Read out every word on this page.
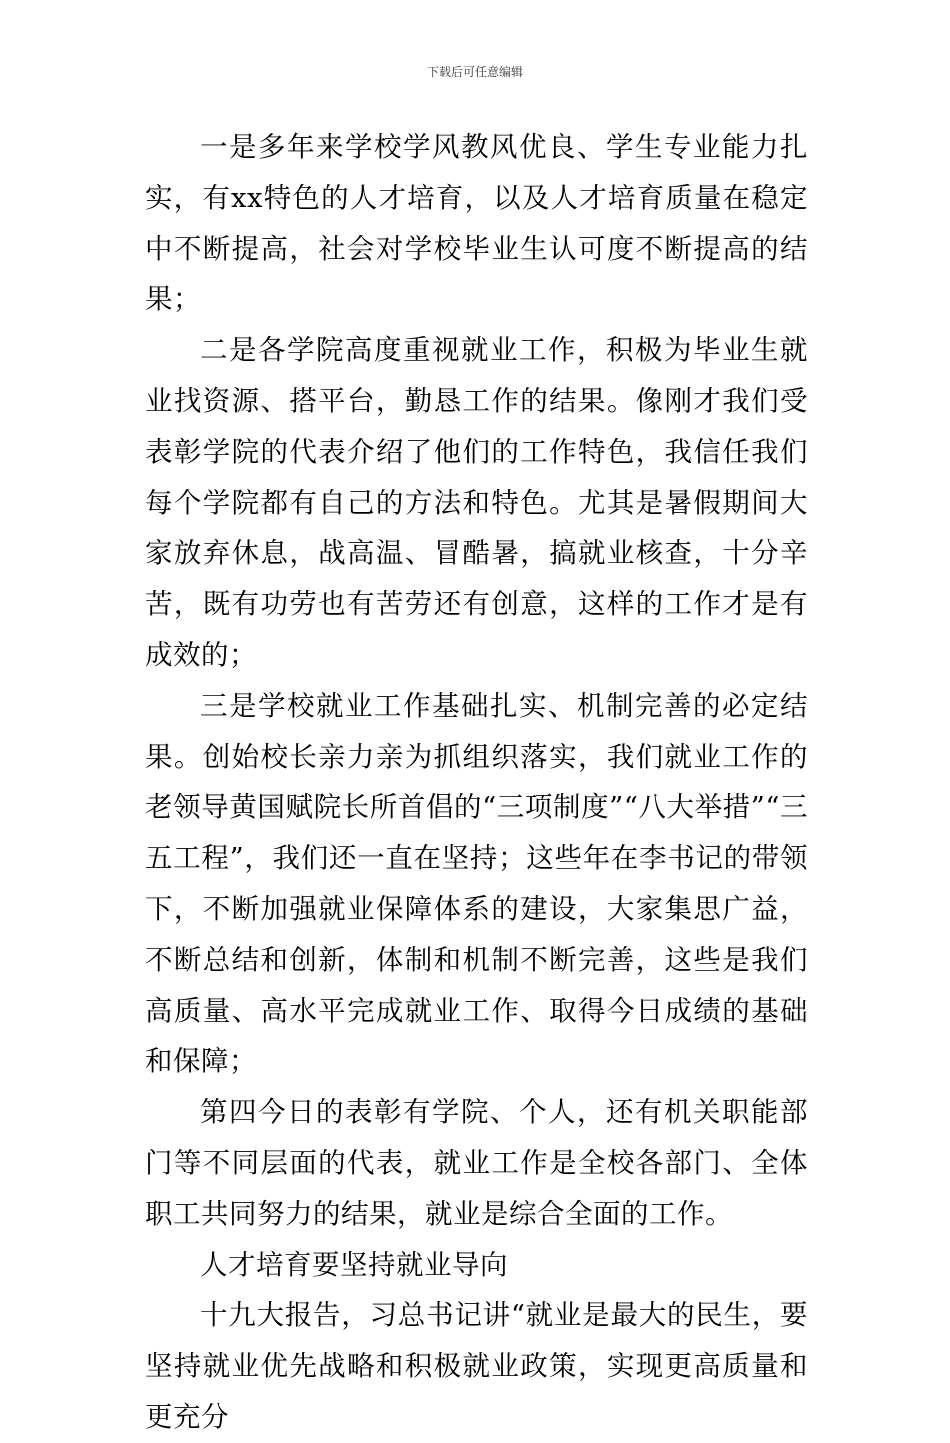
下载后可任意编辑

一是多年来学校学风教风优良、学生专业能力扎实，有xx特色的人才培育，以及人才培育质量在稳定中不断提高，社会对学校毕业生认可度不断提高的结果；

二是各学院高度重视就业工作，积极为毕业生就业找资源、搭平台，勤恳工作的结果。像刚才我们受表彰学院的代表介绍了他们的工作特色，我信任我们每个学院都有自己的方法和特色。尤其是暑假期间大家放弃休息，战高温、冒酷暑，搞就业核查，十分辛苦，既有功劳也有苦劳还有创意，这样的工作才是有成效的；

三是学校就业工作基础扎实、机制完善的必定结果。创始校长亲力亲为抓组织落实，我们就业工作的老领导黄国赋院长所首倡的“三项制度”“八大举措”“三五工程”，我们还一直在坚持；这些年在李书记的带领下，不断加强就业保障体系的建设，大家集思广益，不断总结和创新，体制和机制不断完善，这些是我们高质量、高水平完成就业工作、取得今日成绩的基础和保障；

第四今日的表彰有学院、个人，还有机关职能部门等不同层面的代表，就业工作是全校各部门、全体职工共同努力的结果，就业是综合全面的工作。

人才培育要坚持就业导向

十九大报告，习总书记讲“就业是最大的民生，要坚持就业优先战略和积极就业政策，实现更高质量和更充分
